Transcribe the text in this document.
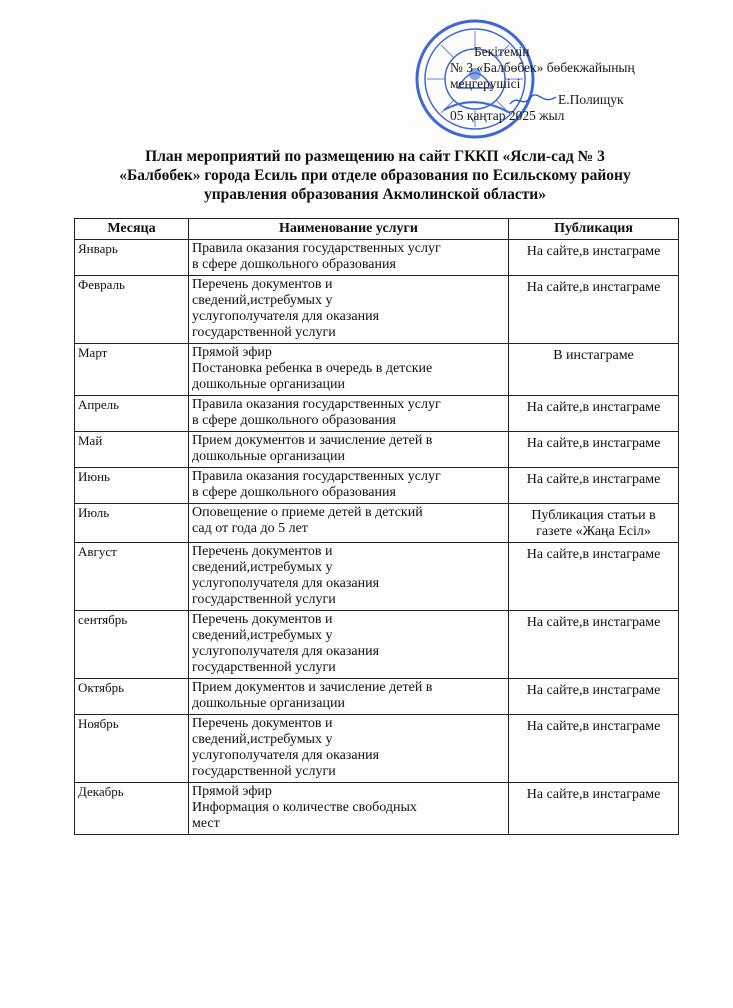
Бекітемін
№ 3 «Балбөбек» бөбекжайының
меңгерушісі
Е.Полищук
05 қаңтар 2025 жыл
План мероприятий по размещению на сайт ГККП «Ясли-сад № 3
«Балбөбек» города Есиль при отделе образования по Есильскому району
управления образования Акмолинской области»
Месяца	Наименование услуги	Публикация
Январь	Правила оказания государственных услуг
в сфере дошкольного образования	На сайте,в инстаграме

Февраль	Перечень документов и
сведений,истребумых у
услугополучателя для оказания
государственной услуги	На сайте,в инстаграме

Март	Прямой эфир
Постановка ребенка в очередь в детские
дошкольные организации	В инстаграме

Апрель	Правила оказания государственных услуг
в сфере дошкольного образования	На сайте,в инстаграме

Май	Прием документов и зачисление детей в
дошкольные организации	На сайте,в инстаграме

Июнь	Правила оказания государственных услуг
в сфере дошкольного образования	На сайте,в инстаграме

Июль	Оповещение о приеме детей в детский
сад от года до 5 лет	Публикация статьи в
газете «Жаңа Есіл»

Август	Перечень документов и
сведений,истребумых у
услугополучателя для оказания
государственной услуги	На сайте,в инстаграме

сентябрь	Перечень документов и
сведений,истребумых у
услугополучателя для оказания
государственной услуги	На сайте,в инстаграме

Октябрь	Прием документов и зачисление детей в
дошкольные организации	На сайте,в инстаграме

Ноябрь	Перечень документов и
сведений,истребумых у
услугополучателя для оказания
государственной услуги	На сайте,в инстаграме

Декабрь	Прямой эфир
Информация о количестве свободных
мест	На сайте,в инстаграме
